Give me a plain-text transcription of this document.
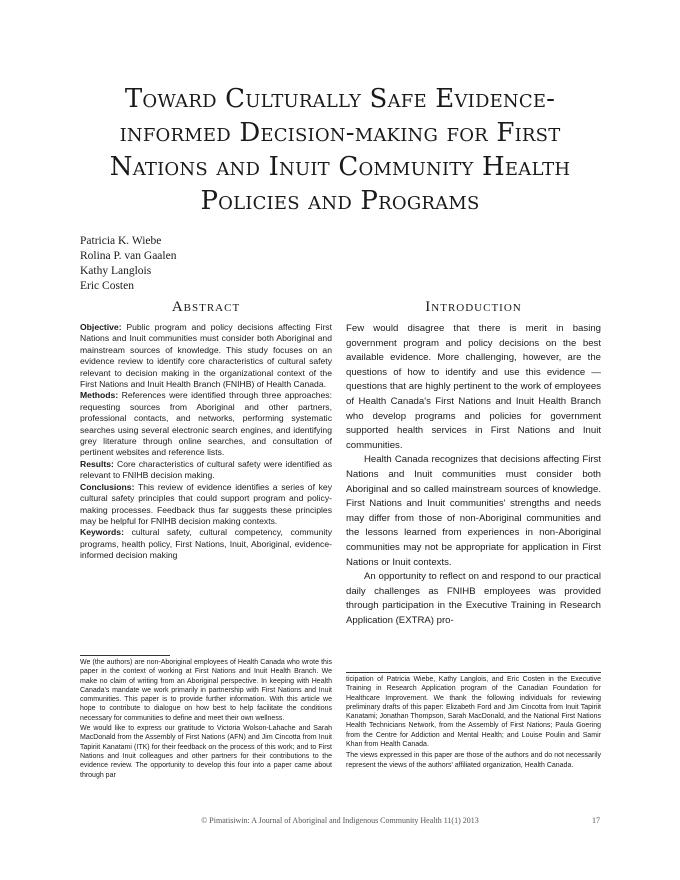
Toward Culturally Safe Evidence-informed Decision-making for First Nations and Inuit Community Health Policies and Programs
Patricia K. Wiebe
Rolina P. van Gaalen
Kathy Langlois
Eric Costen
Abstract

Objective: Public program and policy decisions affecting First Nations and Inuit communities must consider both Aboriginal and mainstream sources of knowledge. This study focuses on an evidence review to identify core characteristics of cultural safety relevant to decision making in the organizational context of the First Nations and Inuit Health Branch (FNIHB) of Health Canada.

Methods: References were identified through three approaches: requesting sources from Aboriginal and other partners, professional contacts, and networks, performing systematic searches using several electronic search engines, and identifying grey literature through online searches, and consultation of pertinent websites and reference lists.

Results: Core characteristics of cultural safety were identified as relevant to FNIHB decision making.

Conclusions: This review of evidence identifies a series of key cultural safety principles that could support program and policy-making processes. Feedback thus far suggests these principles may be helpful for FNIHB decision making contexts.

Keywords: cultural safety, cultural competency, community programs, health policy, First Nations, Inuit, Aboriginal, evidence-informed decision making

Introduction

Few would disagree that there is merit in basing government program and policy decisions on the best available evidence. More challenging, however, are the questions of how to identify and use this evidence — questions that are highly pertinent to the work of employees of Health Canada's First Nations and Inuit Health Branch who develop programs and policies for government supported health services in First Nations and Inuit communities.

Health Canada recognizes that decisions affecting First Nations and Inuit communities must consider both Aboriginal and so called mainstream sources of knowledge. First Nations and Inuit communities' strengths and needs may differ from those of non-Aboriginal communities and the lessons learned from experiences in non-Aboriginal communities may not be appropriate for application in First Nations or Inuit contexts.

An opportunity to reflect on and respond to our practical daily challenges as FNIHB employees was provided through participation in the Executive Training in Research Application (EXTRA) pro-

We (the authors) are non-Aboriginal employees of Health Canada who wrote this paper in the context of working at First Nations and Inuit Health Branch. We make no claim of writing from an Aboriginal perspective. In keeping with Health Canada's mandate we work primarily in partnership with First Nations and Inuit communities. This paper is to provide further information. With this article we hope to contribute to dialogue on how best to help facilitate the conditions necessary for communities to define and meet their own wellness.

We would like to express our gratitude to Victoria Wolson-Lahache and Sarah MacDonald from the Assembly of First Nations (AFN) and Jim Cincotta from Inuit Tapiriit Kanatami (ITK) for their feedback on the process of this work; and to First Nations and Inuit colleagues and other partners for their contributions to the evidence review. The opportunity to develop this four into a paper came about through par

ticipation of Patricia Wiebe, Kathy Langlois, and Eric Costen in the Executive Training in Research Application program of the Canadian Foundation for Healthcare Improvement. We thank the following individuals for reviewing preliminary drafts of this paper: Elizabeth Ford and Jim Cincotta from Inuit Tapiriit Kanatami; Jonathan Thompson, Sarah MacDonald, and the National First Nations Health Technicians Network, from the Assembly of First Nations; Paula Goering from the Centre for Addiction and Mental Health; and Louise Poulin and Samir Khan from Health Canada.

The views expressed in this paper are those of the authors and do not necessarily represent the views of the authors' affiliated organization, Health Canada.

© Pimatisiwin: A Journal of Aboriginal and Indigenous Community Health 11(1) 2013	17
